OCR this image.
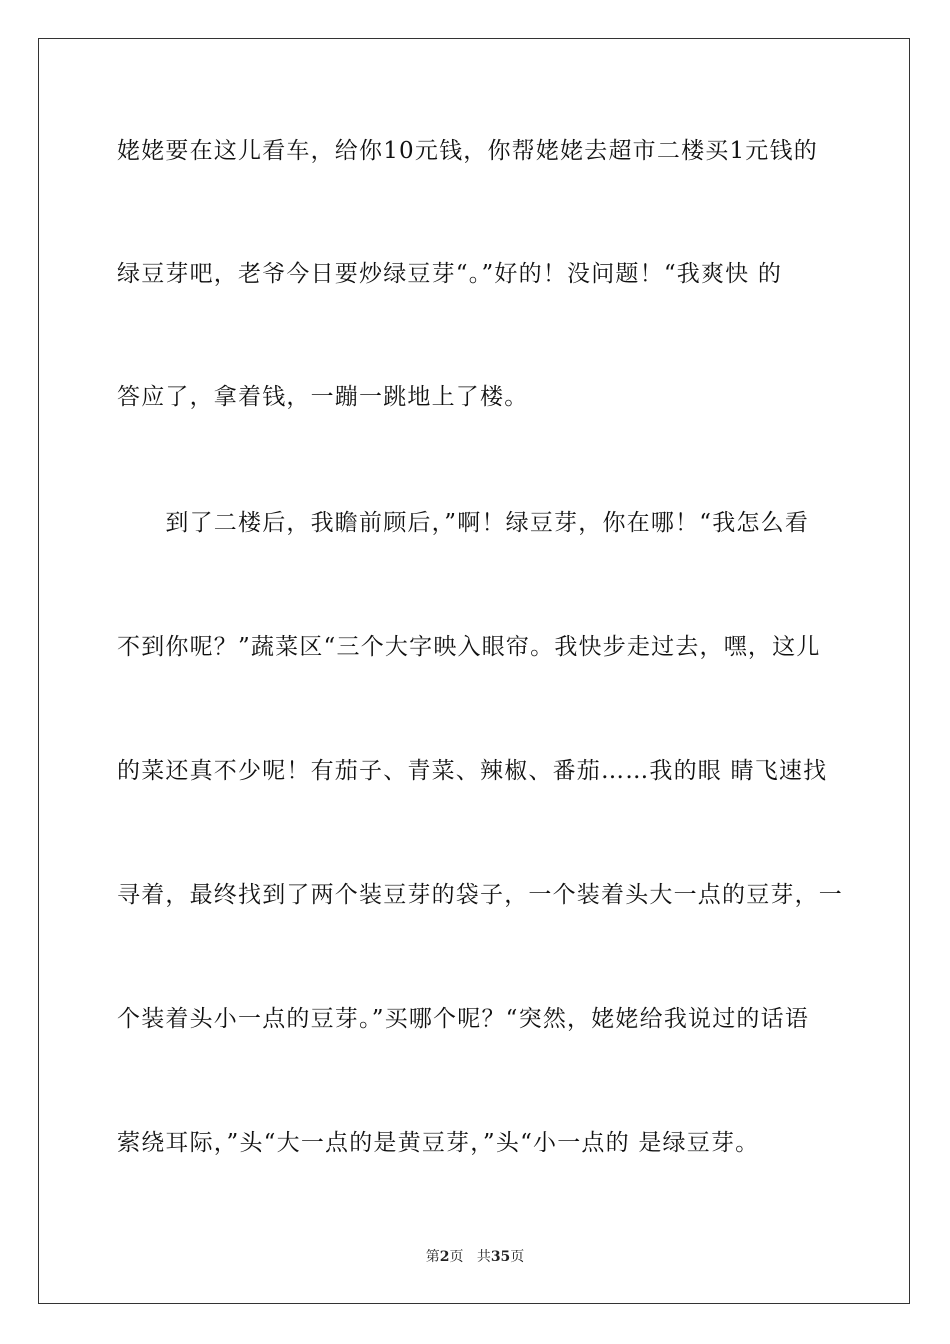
姥姥要在这儿看车，给你10元钱，你帮姥姥去超市二楼买1元钱的
绿豆芽吧，老爷今日要炒绿豆芽“。”好的！没问题！“我爽快 的
答应了，拿着钱，一蹦一跳地上了楼。
　　到了二楼后，我瞻前顾后，”啊！绿豆芽，你在哪！“我怎么看
不到你呢？”蔬菜区“三个大字映入眼帘。我快步走过去，嘿，这儿
的菜还真不少呢！有茄子、青菜、辣椒、番茄……我的眼 睛飞速找
寻着，最终找到了两个装豆芽的袋子，一个装着头大一点的豆芽，一
个装着头小一点的豆芽。”买哪个呢？“突然，姥姥给我说过的话语
萦绕耳际，”头“大一点的是黄豆芽，”头“小一点的 是绿豆芽。
第2页 共35页
